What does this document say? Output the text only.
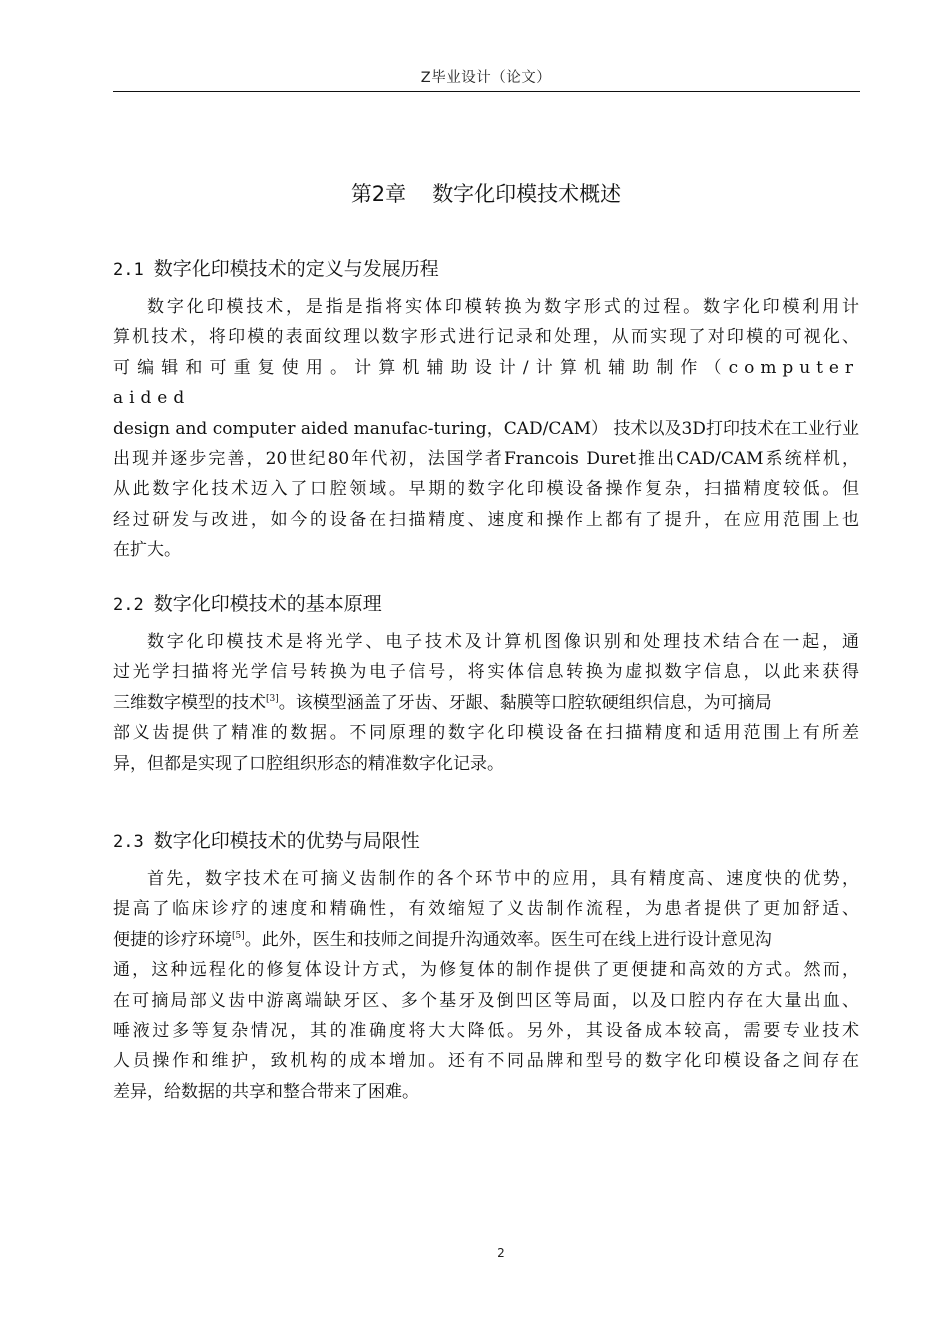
Z毕业设计（论文）
第2章 数字化印模技术概述
2.1 数字化印模技术的定义与发展历程
数字化印模技术，是指是指将实体印模转换为数字形式的过程。数字化印模利用计
算机技术，将印模的表面纹理以数字形式进行记录和处理，从而实现了对印模的可视化、
可编辑和可重复使用。计算机辅助设计/计算机辅助制作（computer aided
design and computer aided manufac-turing，CAD/CAM） 技术以及3D打印技术在工业行业
出现并逐步完善，20世纪80年代初，法国学者Francois Duret推出CAD/CAM系统样机，
从此数字化技术迈入了口腔领域。早期的数字化印模设备操作复杂，扫描精度较低。但
经过研发与改进，如今的设备在扫描精度、速度和操作上都有了提升，在应用范围上也
在扩大。
2.2 数字化印模技术的基本原理
数字化印模技术是将光学、电子技术及计算机图像识别和处理技术结合在一起，通
过光学扫描将光学信号转换为电子信号，将实体信息转换为虚拟数字信息，以此来获得
三维数字模型的技术[3]。该模型涵盖了牙齿、牙龈、黏膜等口腔软硬组织信息，为可摘局
部义齿提供了精准的数据。不同原理的数字化印模设备在扫描精度和适用范围上有所差
异，但都是实现了口腔组织形态的精准数字化记录。
2.3 数字化印模技术的优势与局限性
首先，数字技术在可摘义齿制作的各个环节中的应用，具有精度高、速度快的优势，
提高了临床诊疗的速度和精确性，有效缩短了义齿制作流程，为患者提供了更加舒适、
便捷的诊疗环境[5]。此外，医生和技师之间提升沟通效率。医生可在线上进行设计意见沟
通，这种远程化的修复体设计方式，为修复体的制作提供了更便捷和高效的方式。然而，
在可摘局部义齿中游离端缺牙区、多个基牙及倒凹区等局面，以及口腔内存在大量出血、
唾液过多等复杂情况，其的准确度将大大降低。另外，其设备成本较高，需要专业技术
人员操作和维护，致机构的成本增加。还有不同品牌和型号的数字化印模设备之间存在
差异，给数据的共享和整合带来了困难。
2
